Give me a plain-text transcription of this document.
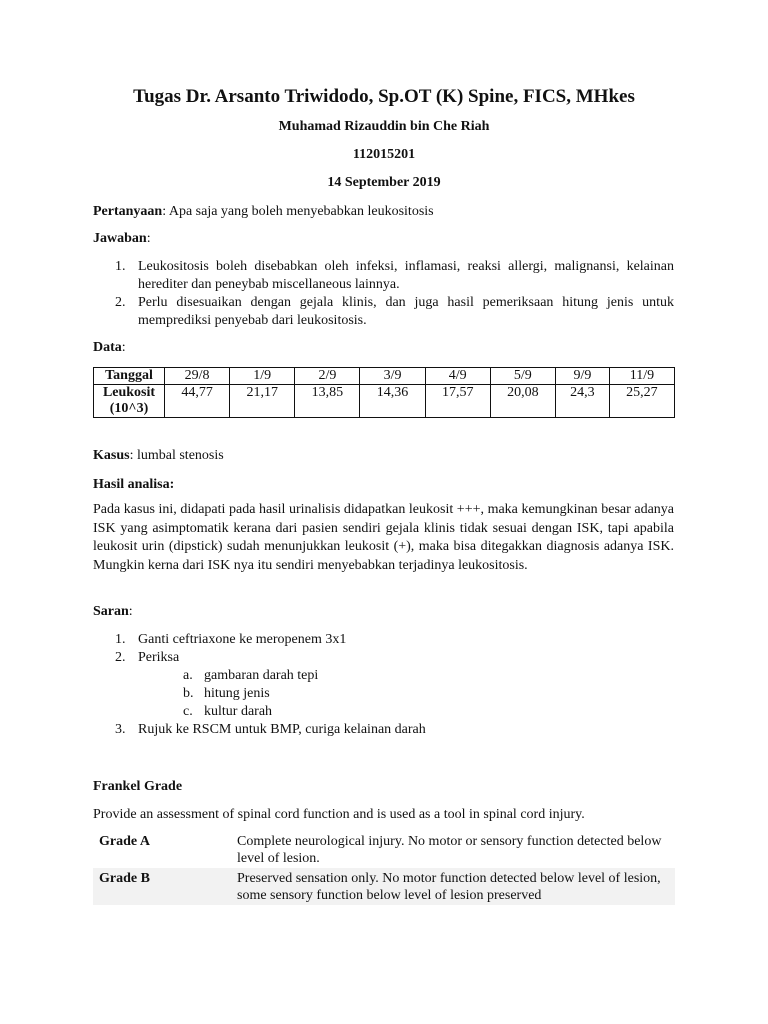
Tugas Dr. Arsanto Triwidodo, Sp.OT (K) Spine, FICS, MHkes
Muhamad Rizauddin bin Che Riah
112015201
14 September 2019
Pertanyaan: Apa saja yang boleh menyebabkan leukositosis
Jawaban:
1. Leukositosis boleh disebabkan oleh infeksi, inflamasi, reaksi allergi, malignansi, kelainan herediter dan peneybab miscellaneous lainnya.
2. Perlu disesuaikan dengan gejala klinis, dan juga hasil pemeriksaan hitung jenis untuk memprediksi penyebab dari leukositosis.
Data:
Tanggal	29/8	1/9	2/9	3/9	4/9	5/9	9/9	11/9
Leukosit
(10^3)	44,77	21,17	13,85	14,36	17,57	20,08	24,3	25,27
Kasus: lumbal stenosis
Hasil analisa:
Pada kasus ini, didapati pada hasil urinalisis didapatkan leukosit +++, maka kemungkinan besar adanya ISK yang asimptomatik kerana dari pasien sendiri gejala klinis tidak sesuai dengan ISK, tapi apabila leukosit urin (dipstick) sudah menunjukkan leukosit (+), maka bisa ditegakkan diagnosis adanya ISK. Mungkin kerna dari ISK nya itu sendiri menyebabkan terjadinya leukositosis.
Saran:
1. Ganti ceftriaxone ke meropenem 3x1
2. Periksa
a. gambaran darah tepi
b. hitung jenis
c. kultur darah
3. Rujuk ke RSCM untuk BMP, curiga kelainan darah
Frankel Grade
Provide an assessment of spinal cord function and is used as a tool in spinal cord injury.
Grade A	Complete neurological injury. No motor or sensory function detected below level of lesion.
Grade B	Preserved sensation only. No motor function detected below level of lesion, some sensory function below level of lesion preserved
